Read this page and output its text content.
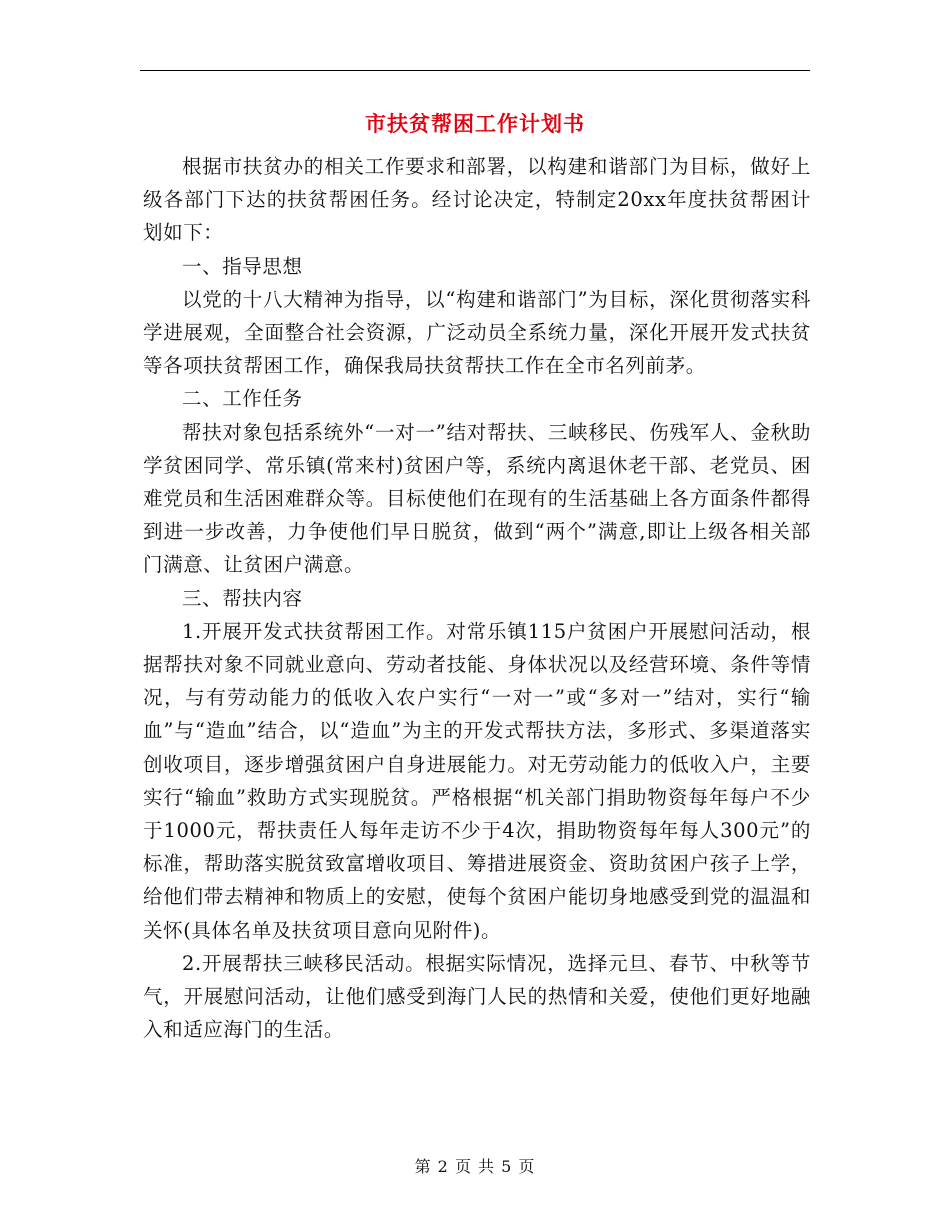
市扶贫帮困工作计划书

根据市扶贫办的相关工作要求和部署，以构建和谐部门为目标，做好上级各部门下达的扶贫帮困任务。经讨论决定，特制定20xx年度扶贫帮困计划如下：

一、指导思想

以党的十八大精神为指导，以“构建和谐部门”为目标，深化贯彻落实科学进展观，全面整合社会资源，广泛动员全系统力量，深化开展开发式扶贫等各项扶贫帮困工作，确保我局扶贫帮扶工作在全市名列前茅。

二、工作任务

帮扶对象包括系统外“一对一”结对帮扶、三峡移民、伤残军人、金秋助学贫困同学、常乐镇(常来村)贫困户等，系统内离退休老干部、老党员、困难党员和生活困难群众等。目标使他们在现有的生活基础上各方面条件都得到进一步改善，力争使他们早日脱贫，做到“两个”满意,即让上级各相关部门满意、让贫困户满意。

三、帮扶内容

1.开展开发式扶贫帮困工作。对常乐镇115户贫困户开展慰问活动，根据帮扶对象不同就业意向、劳动者技能、身体状况以及经营环境、条件等情况，与有劳动能力的低收入农户实行“一对一”或“多对一”结对，实行“输血”与“造血”结合，以“造血”为主的开发式帮扶方法，多形式、多渠道落实创收项目，逐步增强贫困户自身进展能力。对无劳动能力的低收入户，主要实行“输血”救助方式实现脱贫。严格根据“机关部门捐助物资每年每户不少于1000元，帮扶责任人每年走访不少于4次，捐助物资每年每人300元”的标准，帮助落实脱贫致富增收项目、筹措进展资金、资助贫困户孩子上学，给他们带去精神和物质上的安慰，使每个贫困户能切身地感受到党的温温和关怀(具体名单及扶贫项目意向见附件)。

2.开展帮扶三峡移民活动。根据实际情况，选择元旦、春节、中秋等节气，开展慰问活动，让他们感受到海门人民的热情和关爱，使他们更好地融入和适应海门的生活。

第 2 页 共 5 页
